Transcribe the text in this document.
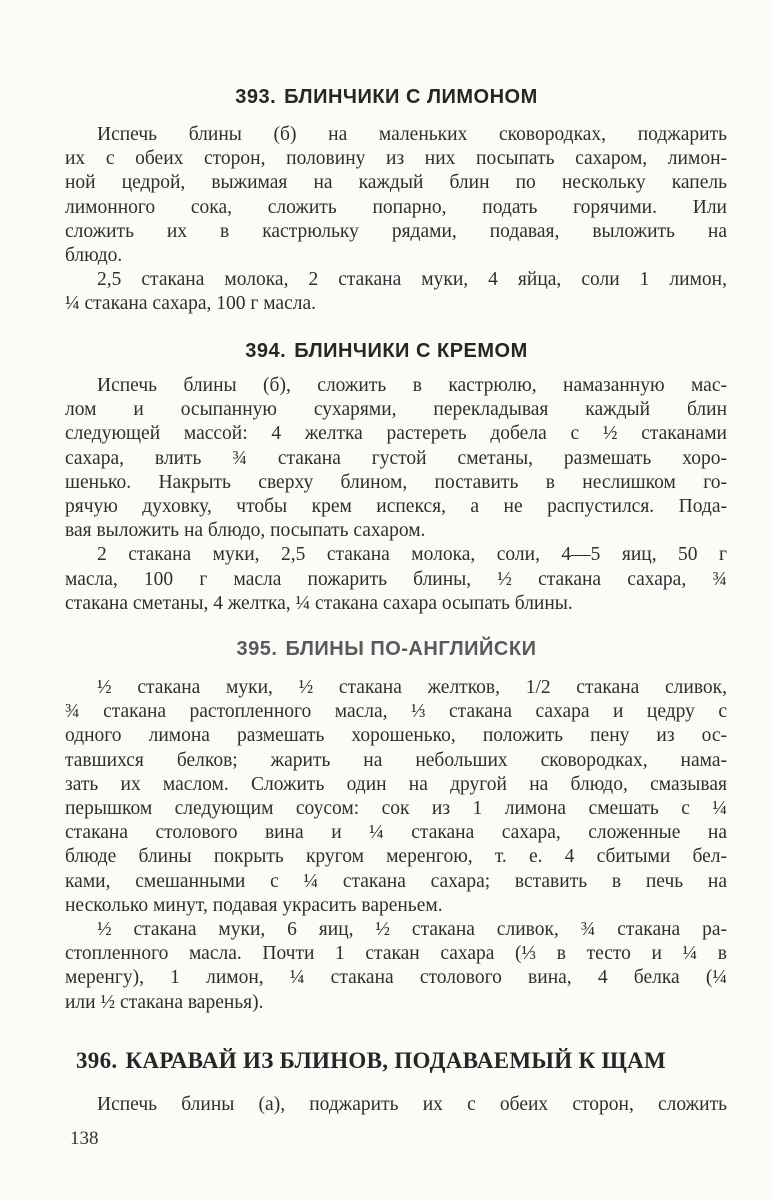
393. БЛИНЧИКИ С ЛИМОНОМ
Испечь блины (б) на маленьких сковородках, поджарить
их с обеих сторон, половину из них посыпать сахаром, лимон-
ной цедрой, выжимая на каждый блин по нескольку капель
лимонного сока, сложить попарно, подать горячими. Или
сложить их в кастрюльку рядами, подавая, выложить на
блюдо.
2,5 стакана молока, 2 стакана муки, 4 яйца, соли 1 лимон,
¼ стакана сахара, 100 г масла.
394. БЛИНЧИКИ С КРЕМОМ
Испечь блины (б), сложить в кастрюлю, намазанную мас-
лом и осыпанную сухарями, перекладывая каждый блин
следующей массой: 4 желтка растереть добела с ½ стаканами
сахара, влить ¾ стакана густой сметаны, размешать хоро-
шенько. Накрыть сверху блином, поставить в неслишком го-
рячую духовку, чтобы крем испекся, а не распустился. Пода-
вая выложить на блюдо, посыпать сахаром.
2 стакана муки, 2,5 стакана молока, соли, 4—5 яиц, 50 г
масла, 100 г масла пожарить блины, ½ стакана сахара, ¾
стакана сметаны, 4 желтка, ¼ стакана сахара осыпать блины.
395. БЛИНЫ ПО-АНГЛИЙСКИ
½ стакана муки, ½ стакана желтков, 1/2 стакана сливок,
¾ стакана растопленного масла, ⅓ стакана сахара и цедру с
одного лимона размешать хорошенько, положить пену из ос-
тавшихся белков; жарить на небольших сковородках, нама-
зать их маслом. Сложить один на другой на блюдо, смазывая
перышком следующим соусом: сок из 1 лимона смешать с ¼
стакана столового вина и ¼ стакана сахара, сложенные на
блюде блины покрыть кругом меренгою, т. е. 4 сбитыми бел-
ками, смешанными с ¼ стакана сахара; вставить в печь на
несколько минут, подавая украсить вареньем.
½ стакана муки, 6 яиц, ½ стакана сливок, ¾ стакана ра-
стопленного масла. Почти 1 стакан сахара (⅓ в тесто и ¼ в
меренгу), 1 лимон, ¼ стакана столового вина, 4 белка (¼
или ½ стакана варенья).
396. КАРАВАЙ ИЗ БЛИНОВ, ПОДАВАЕМЫЙ К ЩАМ
Испечь блины (а), поджарить их с обеих сторон, сложить
138
